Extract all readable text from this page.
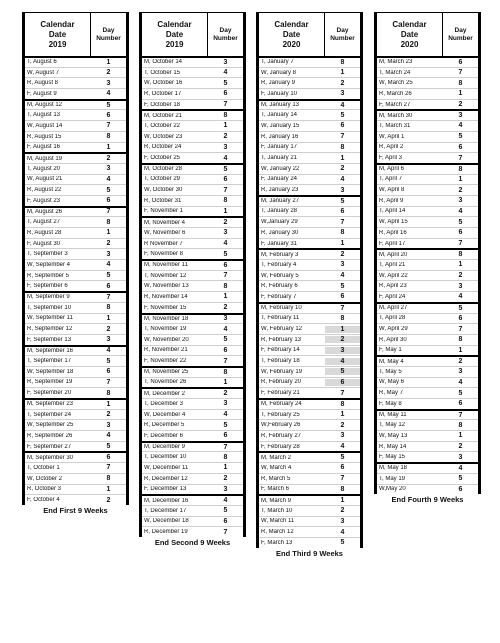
Calendar
Date
2019
Day
Number
T, August 6	1
W, August 7	2
R, August 8	3
F, August 9	4
M, August 12	5
T, August 13	6
W, August 14	7
R, August 15	8
F, August 16	1
M, August 19	2
T, August 20	3
W, August 21	4
R, August 22	5
F, August 23	6
M, August 26	7
T, August 27	8
R, August 28	1
F, August 30	2
T, September 3	3
W, September 4	4
R, September 5	5
F, September 6	6
M, September 9	7
T, September 10	8
W, September 11	1
R, September 12	2
F, September 13	3
M, September 16	4
T, September 17	5
W, September 18	6
R, September 19	7
F, September 20	8
M, September 23	1
T, September 24	2
W, September 25	3
R, September 26	4
F, September 27	5
M, September 30	6
T, October 1	7
W, October 2	8
R, October 3	1
F, October 4	2
End First 9 Weeks
Calendar
Date
2019
Day
Number
M, October 14	3
T, October 15	4
W, October 16	5
R, October 17	6
F, October 18	7
M, October 21	8
T, October 22	1
W, October 23	2
R, October 24	3
F, October 25	4
M, October 28	5
T, October 29	6
W, October 30	7
R, October 31	8
F, November 1	1
M, November 4	2
W, November 6	3
R November 7	4
F, November 8	5
M, November 11	6
T, November 12	7
W, November 13	8
R, November 14	1
F, November 15	2
M, November 18	3
T, November 19	4
W, November 20	5
R, November 21	6
F, November 22	7
M, November 25	8
T, November 26	1
M, December 2	2
T, December 3	3
W, December 4	4
R, December 5	5
F, December 6	6
M, December 9	7
T, December 10	8
W, December 11	1
R, December 12	2
F, December 13	3
M, December 16	4
T, December 17	5
W, December 18	6
R, December 19	7
End Second 9 Weeks
Calendar
Date
2020
Day
Number
T, January 7	8
W, January 8	1
R, January 9	2
F, January 10	3
M, January 13	4
T, January 14	5
W, January 15	6
R, January 16	7
F, January 17	8
T, January 21	1
W, January 22	2
F, January 24	4
R, January 23	3
M, January 27	5
T, January 28	6
W,January 29	7
R, January 30	8
F, January 31	1
M, February 3	2
T, February 4	3
W, February 5	4
R, February 6	5
F, February 7	6
M, February 10	7
T, February 11	8
W, February 12	1
R, February 13	2
F, February 14	3
T, February 18	4
W, February 19	5
R, February 20	6
F, February 21	7
M, February 24	8
T, February 25	1
W,February 26	2
R, February 27	3
F, February 28	4
M, March 2	5
W, March 4	6
R, March 5	7
F, March 6	8
M, March 9	1
T, March 10	2
W, March 11	3
R, March 12	4
F, March 13	5
End Third 9 Weeks
Calendar
Date
2020
Day
Number
M, March 23	6
T, March 24	7
W, March 25	8
R, March 26	1
F, March 27	2
M, March 30	3
T, March 31	4
W, April 1	5
R, April 2	6
F, April 3	7
M, April 6	8
T, April 7	1
W, April 8	2
R, April 9	3
T, April 14	4
W, April 15	5
R, April 16	6
F, April 17	7
M, April 20	8
T, April 21	1
W, April 22	2
R, April 23	3
F, April 24	4
M, April 27	5
T, April 28	6
W, April 29	7
R, April 30	8
F, May 1	1
M, May 4	2
T, May 5	3
W, May 6	4
R, May 7	5
F, May 8	6
M, May 11	7
T, May 12	8
W, May 13	1
R, May 14	2
F, May 15	3
M, May 18	4
T, May 19	5
W,May 20	6
End Fourth 9 Weeks
